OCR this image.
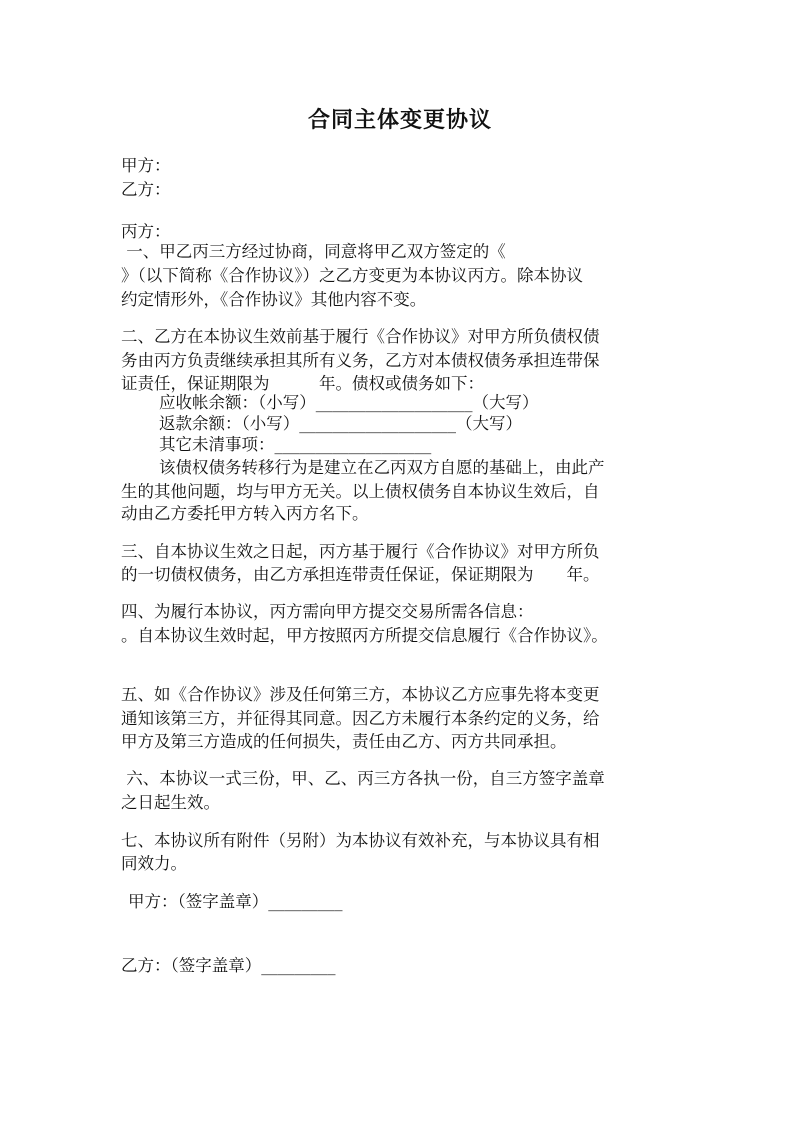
合同主体变更协议
甲方：
乙方：
丙方：
一、甲乙丙三方经过协商，同意将甲乙双方签定的《
》（以下简称《合作协议》）之乙方变更为本协议丙方。除本协议
约定情形外，《合作协议》其他内容不变。
二、乙方在本协议生效前基于履行《合作协议》对甲方所负债权债
务由丙方负责继续承担其所有义务，乙方对本债权债务承担连带保
证责任，保证期限为　　　年。债权或债务如下：
应收帐余额：（小写）___________________（大写）
返款余额：（小写）___________________（大写）
其它未清事项：___________________
该债权债务转移行为是建立在乙丙双方自愿的基础上，由此产
生的其他问题，均与甲方无关。以上债权债务自本协议生效后，自
动由乙方委托甲方转入丙方名下。
三、自本协议生效之日起，丙方基于履行《合作协议》对甲方所负
的一切债权债务，由乙方承担连带责任保证，保证期限为　　年。
四、为履行本协议，丙方需向甲方提交交易所需各信息：
。自本协议生效时起，甲方按照丙方所提交信息履行《合作协议》。
五、如《合作协议》涉及任何第三方，本协议乙方应事先将本变更
通知该第三方，并征得其同意。因乙方未履行本条约定的义务，给
甲方及第三方造成的任何损失，责任由乙方、丙方共同承担。
六、本协议一式三份，甲、乙、丙三方各执一份，自三方签字盖章
之日起生效。
七、本协议所有附件（另附）为本协议有效补充，与本协议具有相
同效力。
甲方：（签字盖章）_________
乙方：（签字盖章）_________
